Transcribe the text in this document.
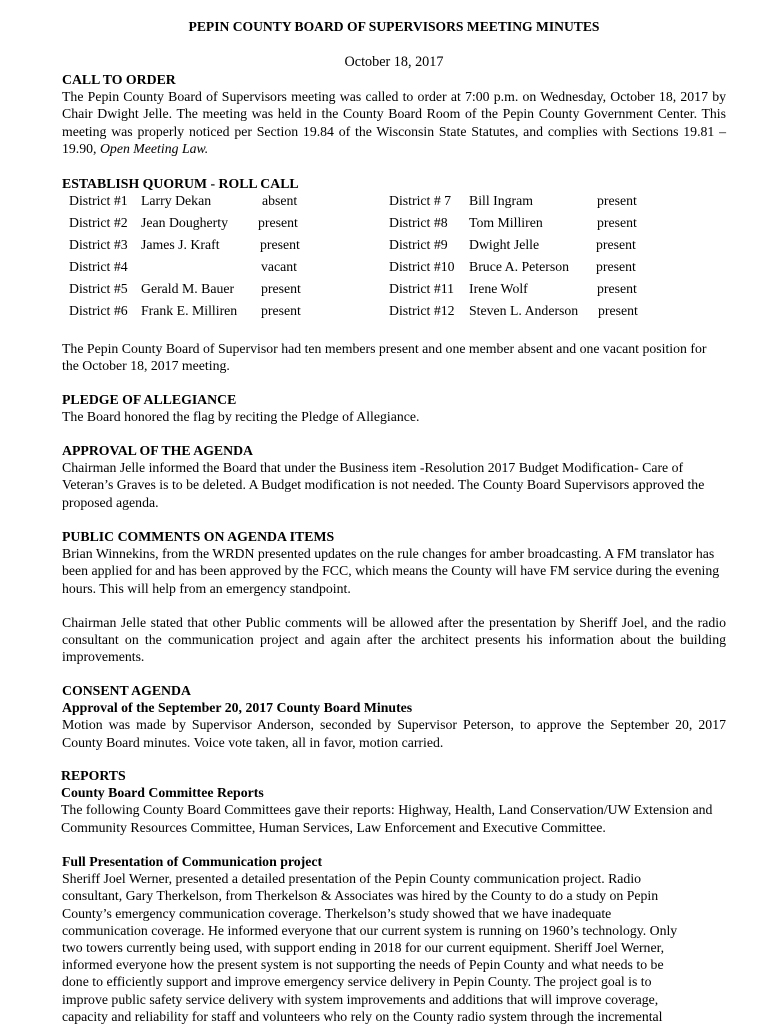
PEPIN COUNTY BOARD OF SUPERVISORS MEETING MINUTES
October 18, 2017
CALL TO ORDER

The Pepin County Board of Supervisors meeting was called to order at 7:00 p.m. on Wednesday, October 18, 2017 by Chair Dwight Jelle. The meeting was held in the County Board Room of the Pepin County Government Center. This meeting was properly noticed per Section 19.84 of the Wisconsin State Statutes, and complies with Sections 19.81 – 19.90, Open Meeting Law.

ESTABLISH QUORUM - ROLL CALL
District #1 Larry Dekan	absent
District #2 Jean Dougherty present
District #3 James J. Kraft	present
District #4	vacant
District #5 Gerald M. Bauer present
District #6 Frank E. Milliren present
District # 7 Bill Ingram	present
District #8 Tom Milliren	present
District #9 Dwight Jelle	present
District #10 Bruce A. Peterson present
District #11 Irene Wolf	present
District #12 Steven L. Anderson present

The Pepin County Board of Supervisor had ten members present and one member absent and one vacant position for the October 18, 2017 meeting.

PLEDGE OF ALLEGIANCE

The Board honored the flag by reciting the Pledge of Allegiance.

APPROVAL OF THE AGENDA

Chairman Jelle informed the Board that under the Business item -Resolution 2017 Budget Modification- Care of Veteran’s Graves is to be deleted. A Budget modification is not needed. The County Board Supervisors approved the proposed agenda.

PUBLIC COMMENTS ON AGENDA ITEMS

Brian Winnekins, from the WRDN presented updates on the rule changes for amber broadcasting. A FM translator has been applied for and has been approved by the FCC, which means the County will have FM service during the evening hours. This will help from an emergency standpoint.

Chairman Jelle stated that other Public comments will be allowed after the presentation by Sheriff Joel, and the radio consultant on the communication project and again after the architect presents his information about the building improvements.

CONSENT AGENDA
Approval of the September 20, 2017 County Board Minutes

Motion was made by Supervisor Anderson, seconded by Supervisor Peterson, to approve the September 20, 2017 County Board minutes. Voice vote taken, all in favor, motion carried.

REPORTS
County Board Committee Reports

The following County Board Committees gave their reports: Highway, Health, Land Conservation/UW Extension and Community Resources Committee, Human Services, Law Enforcement and Executive Committee.

Full Presentation of Communication project
Sheriff Joel Werner, presented a detailed presentation of the Pepin County communication project. Radio
consultant, Gary Therkelson, from Therkelson & Associates was hired by the County to do a study on Pepin
County’s emergency communication coverage. Therkelson’s study showed that we have inadequate
communication coverage. He informed everyone that our current system is running on 1960’s technology. Only
two towers currently being used, with support ending in 2018 for our current equipment. Sheriff Joel Werner,
informed everyone how the present system is not supporting the needs of Pepin County and what needs to be
done to efficiently support and improve emergency service delivery in Pepin County. The project goal is to
improve public safety service delivery with system improvements and additions that will improve coverage,
capacity and reliability for staff and volunteers who rely on the County radio system through the incremental
